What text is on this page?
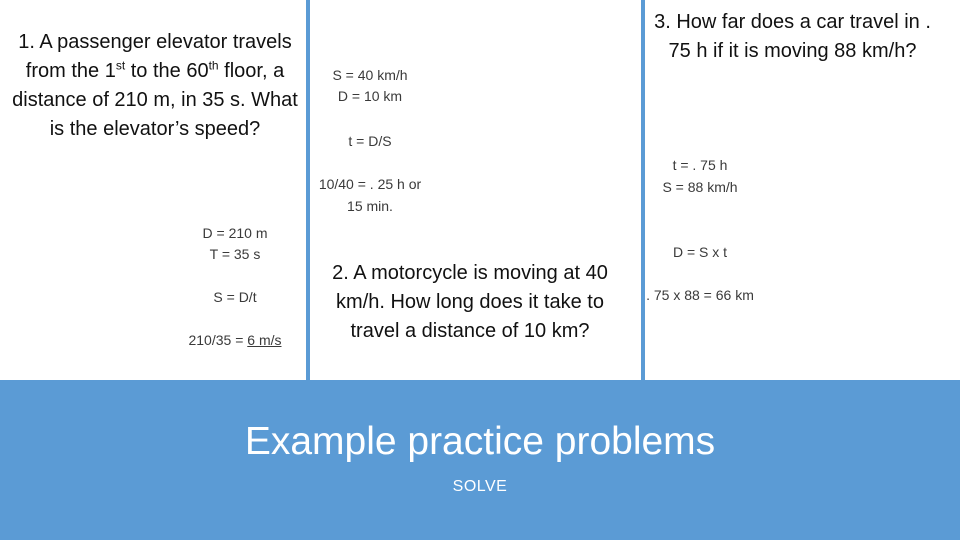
1. A passenger elevator travels from the 1st to the 60th floor, a distance of 210 m, in 35 s. What is the elevator’s speed?
D = 210 m
T = 35 s
S = D/t
210/35 = 6 m/s
S = 40 km/h
D = 10 km
t = D/S
10/40 = . 25 h or 15 min.
2. A motorcycle is moving at 40 km/h. How long does it take to travel a distance of 10 km?
3. How far does a car travel in . 75 h if it is moving 88 km/h?
t = . 75 h
S = 88 km/h
D = S x t
. 75 x 88 = 66 km
Example practice problems
SOLVE
